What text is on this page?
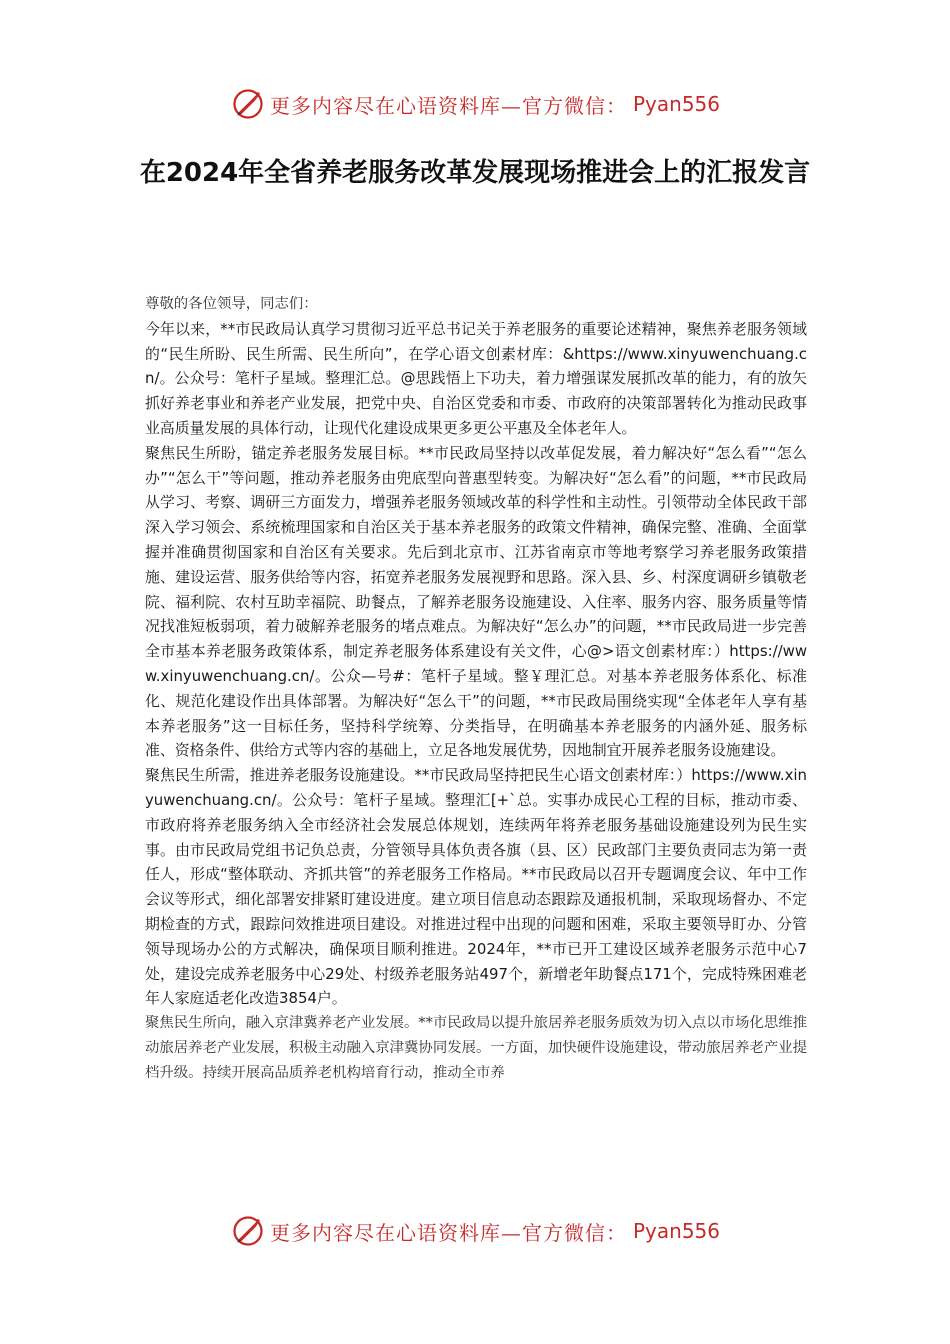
更多内容尽在心语资料库—官方微信： Pyan556
在2024年全省养老服务改革发展现场推进会上的汇报发言

尊敬的各位领导，同志们：

今年以来，**市民政局认真学习贯彻习近平总书记关于养老服务的重要论述精神，聚焦养老服务领域的“民生所盼、民生所需、民生所向”，在学心语文创素材库：&https://www.xinyuwenchuang.cn/。公众号：笔杆子星域。整理汇总。@思践悟上下功夫，着力增强谋发展抓改革的能力，有的放矢抓好养老事业和养老产业发展，把党中央、自治区党委和市委、市政府的决策部署转化为推动民政事业高质量发展的具体行动，让现代化建设成果更多更公平惠及全体老年人。

聚焦民生所盼，锚定养老服务发展目标。**市民政局坚持以改革促发展，着力解决好“怎么看”“怎么办”“怎么干”等问题，推动养老服务由兜底型向普惠型转变。为解决好“怎么看”的问题，**市民政局从学习、考察、调研三方面发力，增强养老服务领域改革的科学性和主动性。引领带动全体民政干部深入学习领会、系统梳理国家和自治区关于基本养老服务的政策文件精神，确保完整、准确、全面掌握并准确贯彻国家和自治区有关要求。先后到北京市、江苏省南京市等地考察学习养老服务政策措施、建设运营、服务供给等内容，拓宽养老服务发展视野和思路。深入县、乡、村深度调研乡镇敬老院、福利院、农村互助幸福院、助餐点，了解养老服务设施建设、入住率、服务内容、服务质量等情况找准短板弱项，着力破解养老服务的堵点难点。为解决好“怎么办”的问题，**市民政局进一步完善全市基本养老服务政策体系，制定养老服务体系建设有关文件，心@>语文创素材库：）https://www.xinyuwenchuang.cn/。公众—号#：笔杆子星域。整￥理汇总。对基本养老服务体系化、标准化、规范化建设作出具体部署。为解决好“怎么干”的问题，**市民政局围绕实现“全体老年人享有基本养老服务”这一目标任务，坚持科学统筹、分类指导，在明确基本养老服务的内涵外延、服务标准、资格条件、供给方式等内容的基础上，立足各地发展优势，因地制宜开展养老服务设施建设。

聚焦民生所需，推进养老服务设施建设。**市民政局坚持把民生心语文创素材库：）https://www.xinyuwenchuang.cn/。公众号：笔杆子星域。整理汇[+`总。实事办成民心工程的目标，推动市委、市政府将养老服务纳入全市经济社会发展总体规划，连续两年将养老服务基础设施建设列为民生实事。由市民政局党组书记负总责，分管领导具体负责各旗（县、区）民政部门主要负责同志为第一责任人，形成“整体联动、齐抓共管”的养老服务工作格局。**市民政局以召开专题调度会议、年中工作会议等形式，细化部署安排紧盯建设进度。建立项目信息动态跟踪及通报机制，采取现场督办、不定期检查的方式，跟踪问效推进项目建设。对推进过程中出现的问题和困难，采取主要领导盯办、分管领导现场办公的方式解决，确保项目顺利推进。2024年，**市已开工建设区域养老服务示范中心7处，建设完成养老服务中心29处、村级养老服务站497个，新增老年助餐点171个，完成特殊困难老年人家庭适老化改造3854户。

聚焦民生所向，融入京津冀养老产业发展。**市民政局以提升旅居养老服务质效为切入点以市场化思维推动旅居养老产业发展，积极主动融入京津冀协同发展。一方面，加快硬件设施建设，带动旅居养老产业提档升级。持续开展高品质养老机构培育行动，推动全市养

更多内容尽在心语资料库—官方微信： Pyan556
